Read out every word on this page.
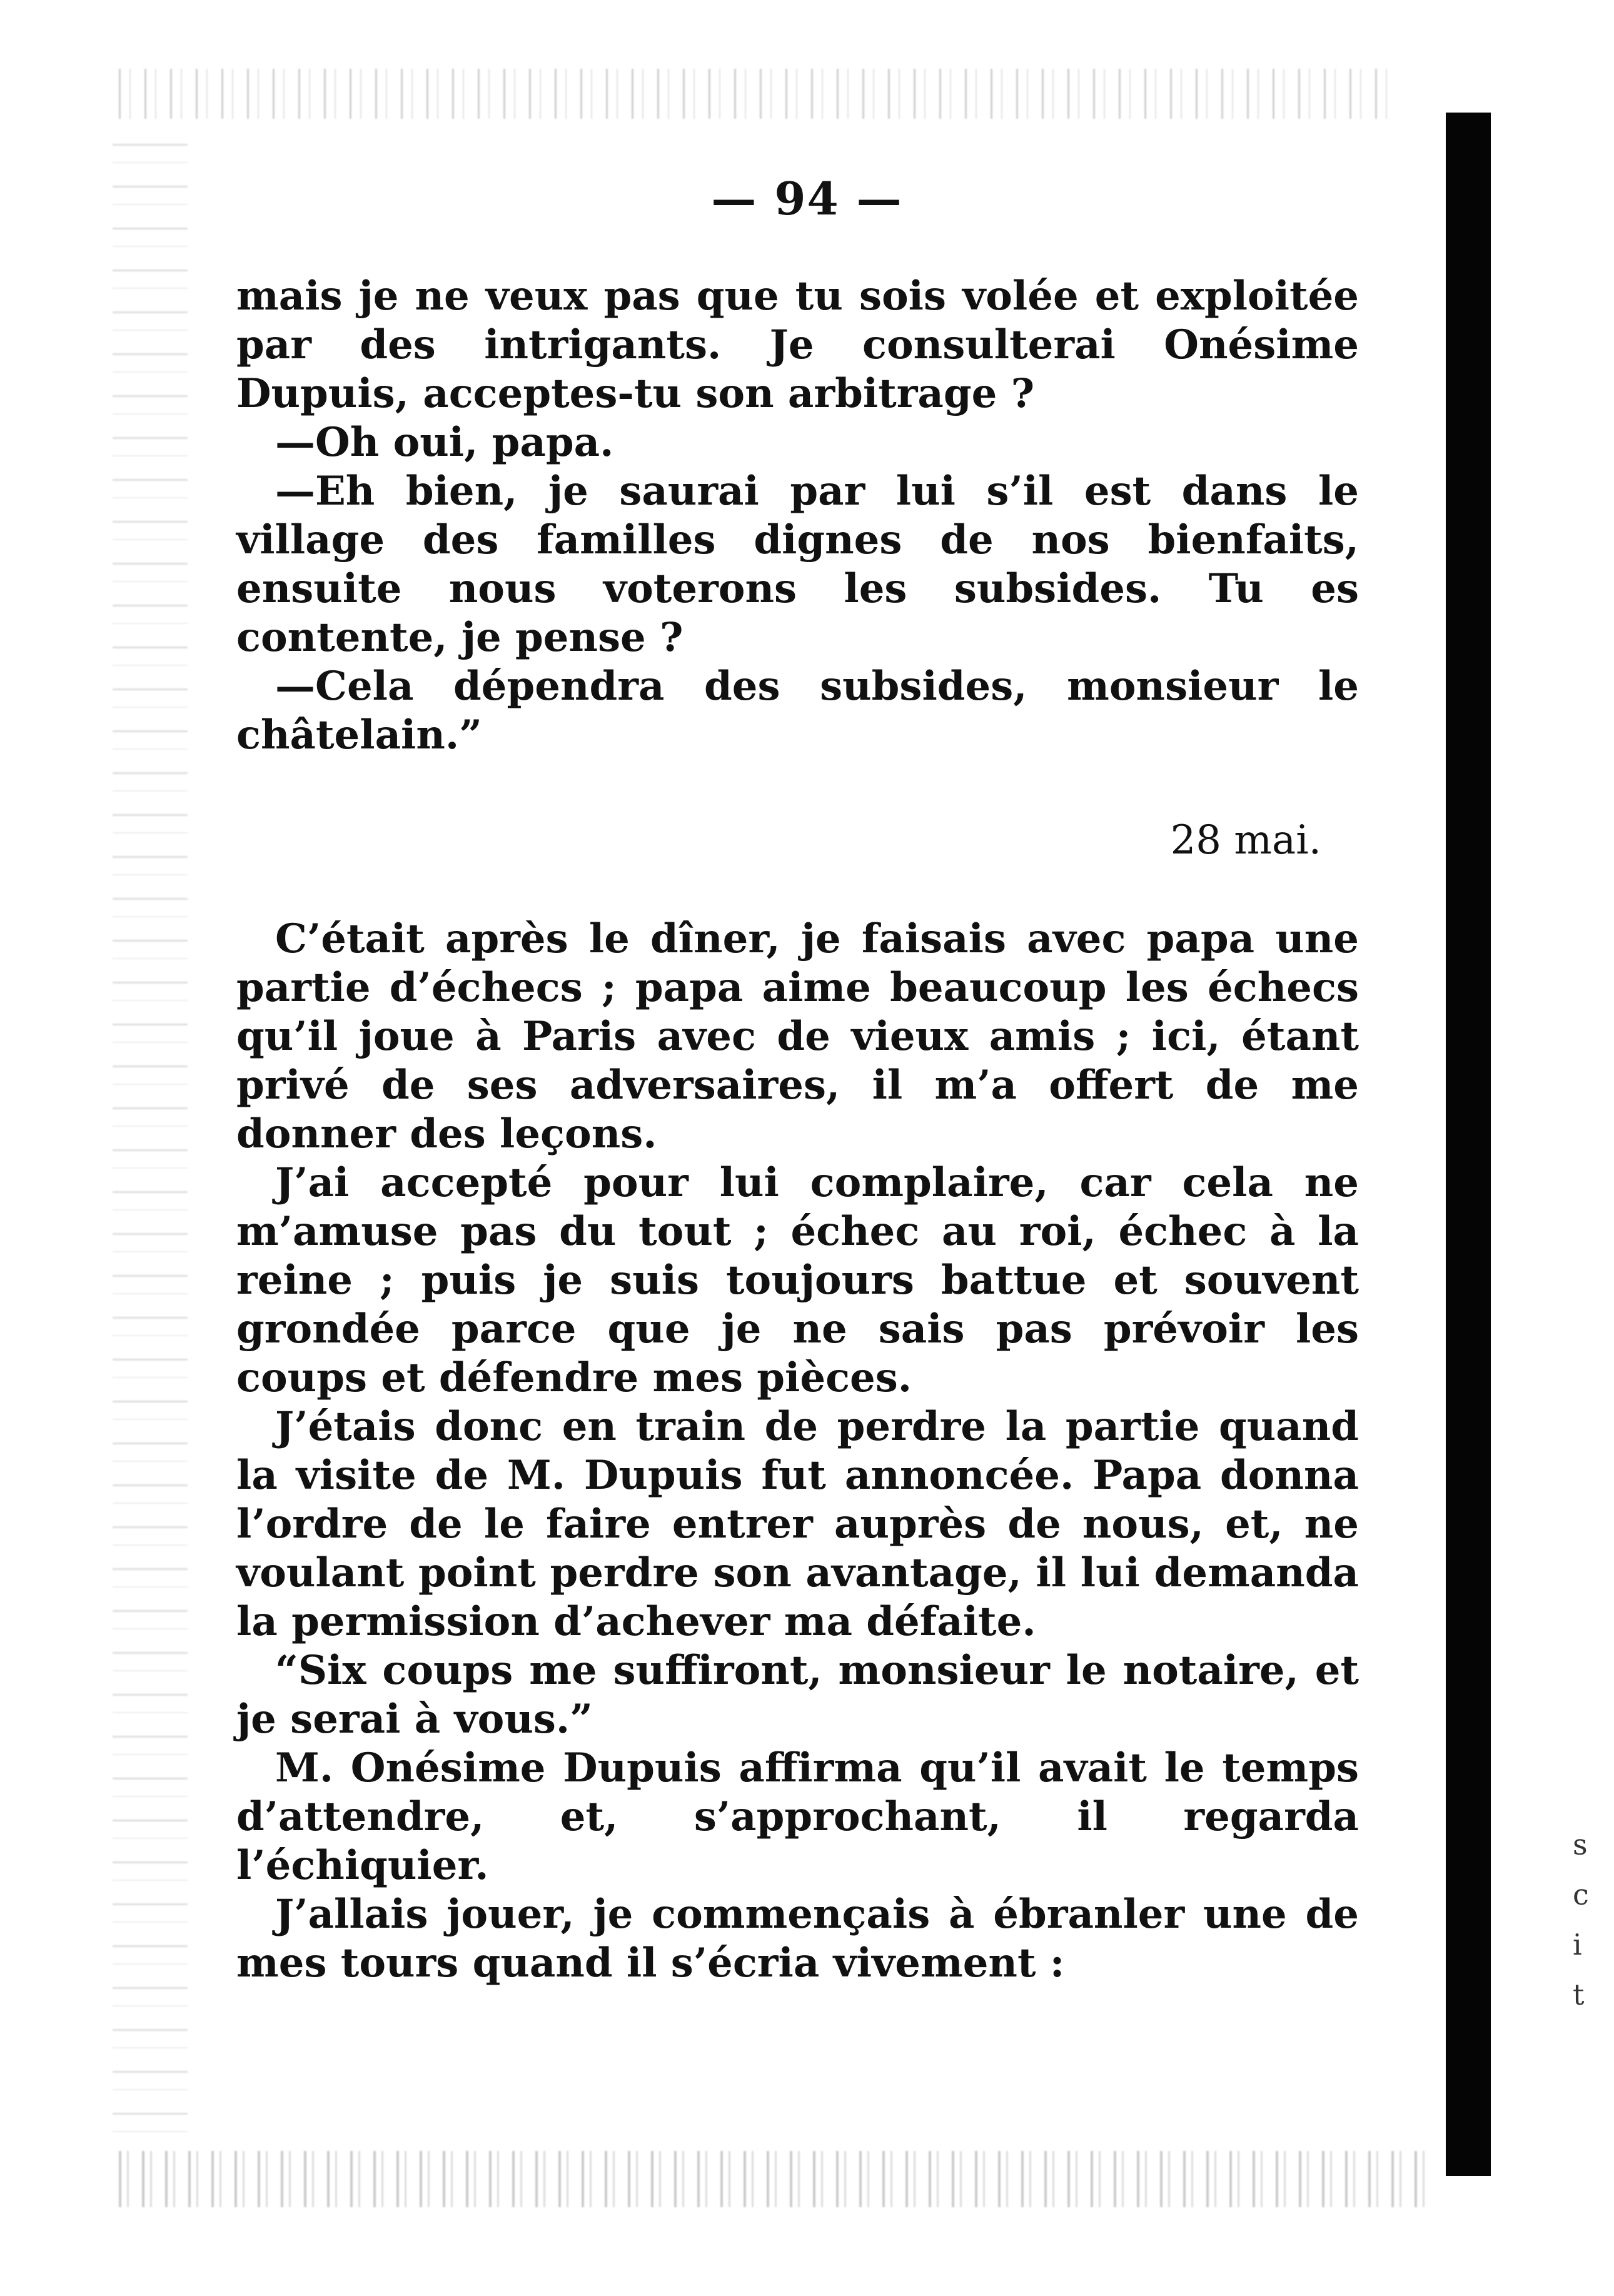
s
c
i
t
— 94 —

mais je ne veux pas que tu sois volée et exploitée par des intrigants. Je consulterai Onésime Dupuis, acceptes-tu son arbitrage ?

—Oh oui, papa.

—Eh bien, je saurai par lui s’il est dans le village des familles dignes de nos bienfaits, ensuite nous voterons les subsides. Tu es contente, je pense ?

—Cela dépendra des subsides, monsieur le châtelain.”

28 mai.

C’était après le dîner, je faisais avec papa une partie d’échecs ; papa aime beaucoup les échecs qu’il joue à Paris avec de vieux amis ; ici, étant privé de ses adversaires, il m’a offert de me donner des leçons.

J’ai accepté pour lui complaire, car cela ne m’amuse pas du tout ; échec au roi, échec à la reine ; puis je suis toujours battue et souvent grondée parce que je ne sais pas prévoir les coups et défendre mes pièces.

J’étais donc en train de perdre la partie quand la visite de M. Dupuis fut annoncée. Papa donna l’ordre de le faire entrer auprès de nous, et, ne voulant point perdre son avantage, il lui demanda la permission d’achever ma défaite.

“Six coups me suffiront, monsieur le notaire, et je serai à vous.”

M. Onésime Dupuis affirma qu’il avait le temps d’attendre, et, s’approchant, il regarda l’échiquier.

J’allais jouer, je commençais à ébranler une de mes tours quand il s’écria vivement :
